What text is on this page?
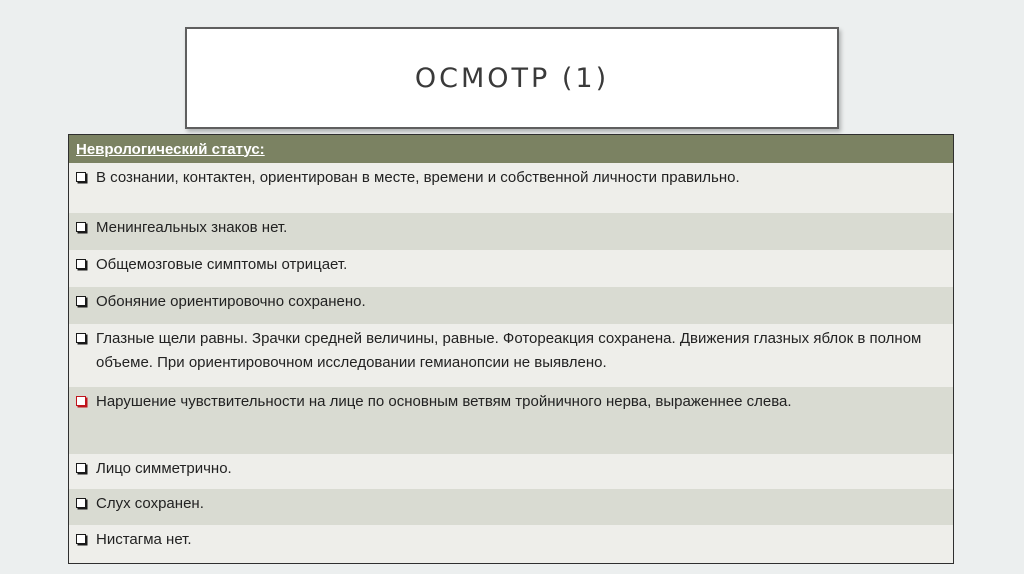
ОСМОТР (1)
Неврологический статус:
В сознании, контактен, ориентирован в месте, времени и собственной личности правильно.
Менингеальных знаков нет.
Общемозговые симптомы отрицает.
Обоняние ориентировочно сохранено.
Глазные щели равны. Зрачки средней величины, равные. Фотореакция сохранена. Движения глазных яблок в полном объеме. При ориентировочном исследовании гемианопсии не выявлено.
Нарушение чувствительности на лице по основным ветвям тройничного нерва, выраженнее слева.
Лицо симметрично.
Слух сохранен.
Нистагма нет.
